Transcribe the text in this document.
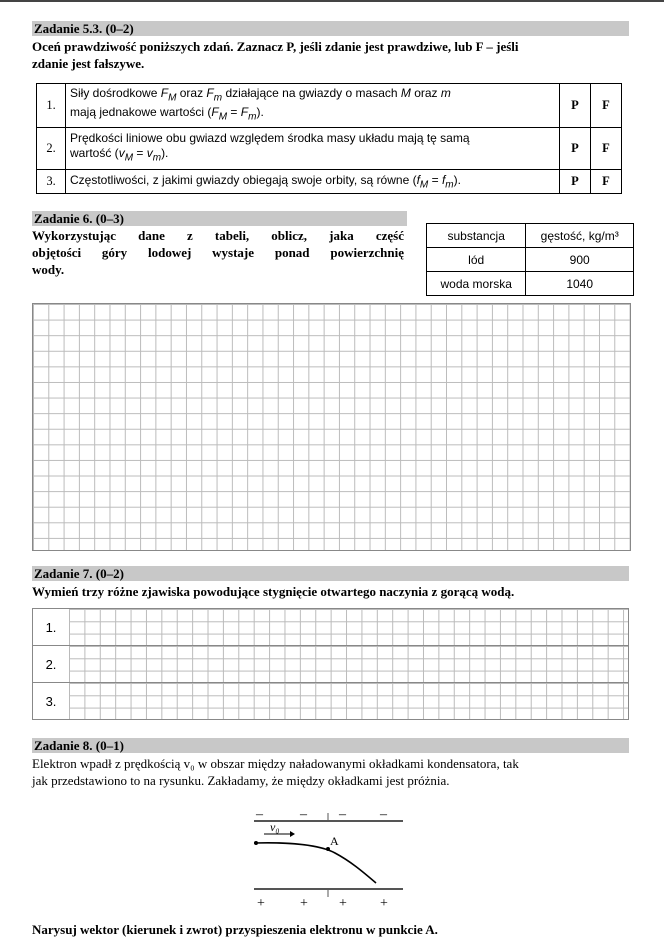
Zadanie 5.3. (0–2)
Oceń prawdziwość poniższych zdań. Zaznacz P, jeśli zdanie jest prawdziwe, lub F – jeśli
zdanie jest fałszywe.
1.	Siły dośrodkowe $F_M$ oraz $F_m$ działające na gwiazdy o masach M oraz m
mają jednakowe wartości $(F_M = F_m)$.	P	F
2.	Prędkości liniowe obu gwiazd względem środka masy układu mają tę samą
wartość $(v_M = v_m)$.	P	F
3.	Częstotliwości, z jakimi gwiazdy obiegają swoje orbity, są równe $(f_M = f_m)$.	P	F
Zadanie 6. (0–3)
Wykorzystując dane z tabeli, oblicz, jaka część
objętości góry lodowej wystaje ponad powierzchnię
wody.
substancja	gęstość, kg/m³
lód	900
woda morska	1040
Zadanie 7. (0–2)
Wymień trzy różne zjawiska powodujące stygnięcie otwartego naczynia z gorącą wodą.
1.
2.
3.
Zadanie 8. (0–1)
Elektron wpadł z prędkością v₀ w obszar między naładowanymi okładkami kondensatora, tak
jak przedstawiono to na rysunku. Zakładamy, że między okładkami jest próżnia.
–	– – –
+	+ + +
v₀
A
Narysuj wektor (kierunek i zwrot) przyspieszenia elektronu w punkcie A.
